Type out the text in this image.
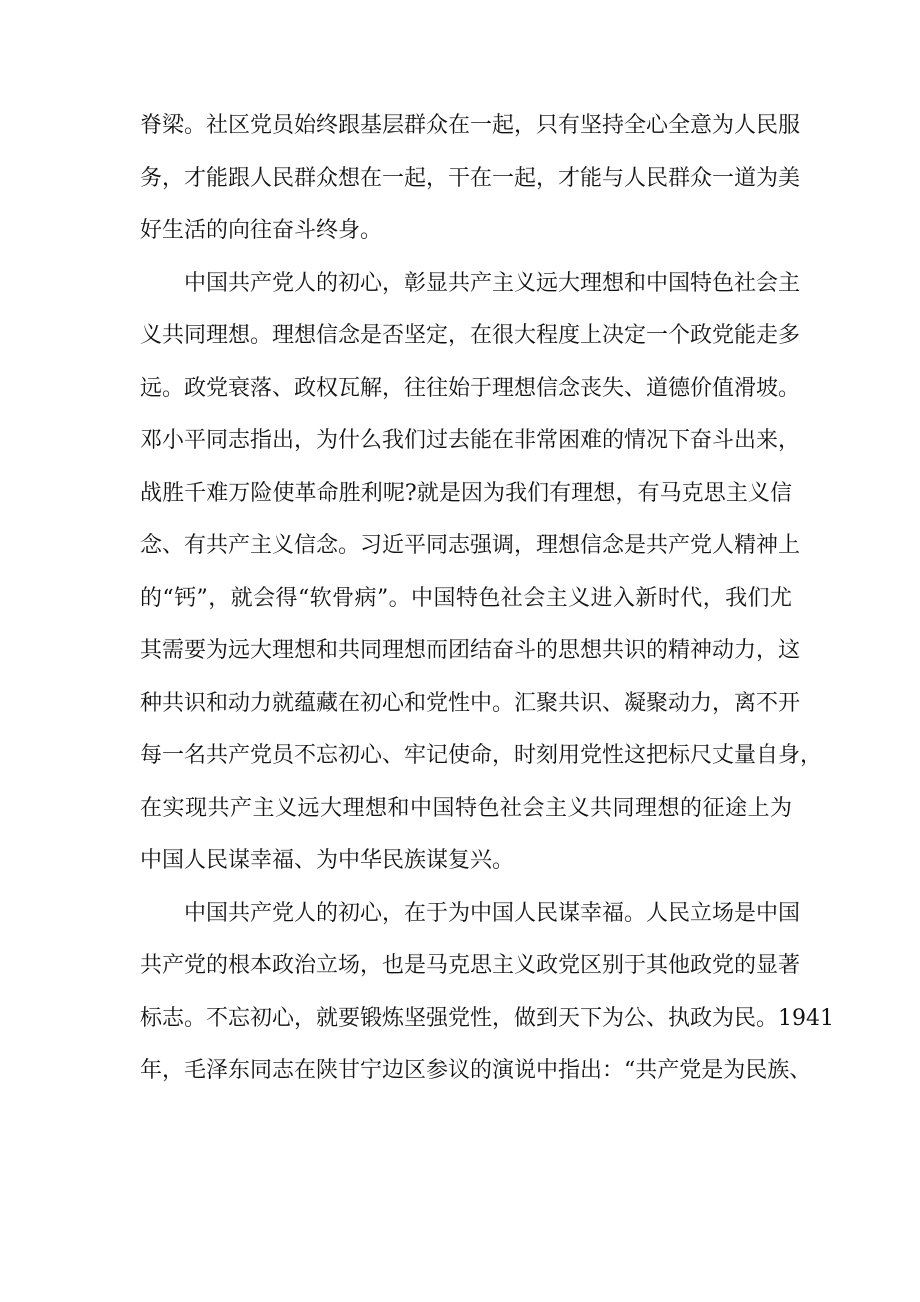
脊梁。社区党员始终跟基层群众在一起，只有坚持全心全意为人民服
务，才能跟人民群众想在一起，干在一起，才能与人民群众一道为美
好生活的向往奋斗终身。
中国共产党人的初心，彰显共产主义远大理想和中国特色社会主
义共同理想。理想信念是否坚定，在很大程度上决定一个政党能走多
远。政党衰落、政权瓦解，往往始于理想信念丧失、道德价值滑坡。
邓小平同志指出，为什么我们过去能在非常困难的情况下奋斗出来，
战胜千难万险使革命胜利呢?就是因为我们有理想，有马克思主义信
念、有共产主义信念。习近平同志强调，理想信念是共产党人精神上
的“钙”，就会得“软骨病”。中国特色社会主义进入新时代，我们尤
其需要为远大理想和共同理想而团结奋斗的思想共识的精神动力，这
种共识和动力就蕴藏在初心和党性中。汇聚共识、凝聚动力，离不开
每一名共产党员不忘初心、牢记使命，时刻用党性这把标尺丈量自身，
在实现共产主义远大理想和中国特色社会主义共同理想的征途上为
中国人民谋幸福、为中华民族谋复兴。
中国共产党人的初心，在于为中国人民谋幸福。人民立场是中国
共产党的根本政治立场，也是马克思主义政党区别于其他政党的显著
标志。不忘初心，就要锻炼坚强党性，做到天下为公、执政为民。1941
年，毛泽东同志在陕甘宁边区参议的演说中指出：“共产党是为民族、
